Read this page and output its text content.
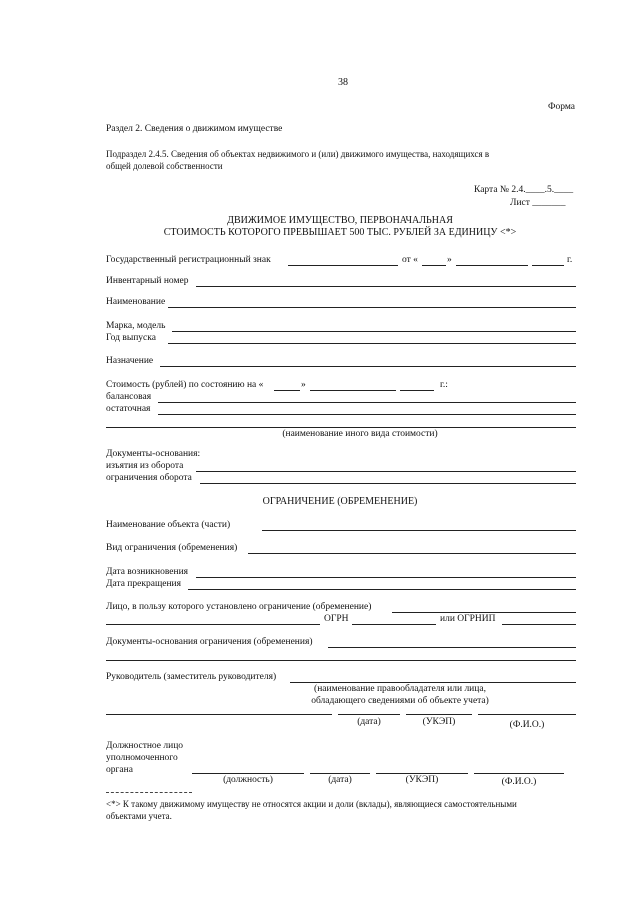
38
Форма
Раздел 2. Сведения о движимом имуществе
Подраздел 2.4.5. Сведения об объектах недвижимого и (или) движимого имущества, находящихся в
общей долевой собственности
Карта № 2.4.____.5.____
Лист _______
ДВИЖИМОЕ ИМУЩЕСТВО, ПЕРВОНАЧАЛЬНАЯ
СТОИМОСТЬ КОТОРОГО ПРЕВЫШАЕТ 500 ТЫС. РУБЛЕЙ ЗА ЕДИНИЦУ <*>
Государственный регистрационный знак	от «	»	г.
Инвентарный номер
Наименование
Марка, модель
Год выпуска
Назначение
Стоимость (рублей) по состоянию на «	»	г.:
балансовая
остаточная
(наименование иного вида стоимости)
Документы-основания:
изъятия из оборота
ограничения оборота
ОГРАНИЧЕНИЕ (ОБРЕМЕНЕНИЕ)
Наименование объекта (части)
Вид ограничения (обременения)
Дата возникновения
Дата прекращения
Лицо, в пользу которого установлено ограничение (обременение)
ОГРН	или ОГРНИП
Документы-основания ограничения (обременения)
Руководитель (заместитель руководителя)
(наименование правообладателя или лица,
обладающего сведениями об объекте учета)
(дата)	(УКЭП)	(Ф.И.О.)
Должностное лицо
уполномоченного
органа
(должность)	(дата)	(УКЭП)	(Ф.И.О.)
<*> К такому движимому имуществу не относятся акции и доли (вклады), являющиеся самостоятельными
объектами учета.
